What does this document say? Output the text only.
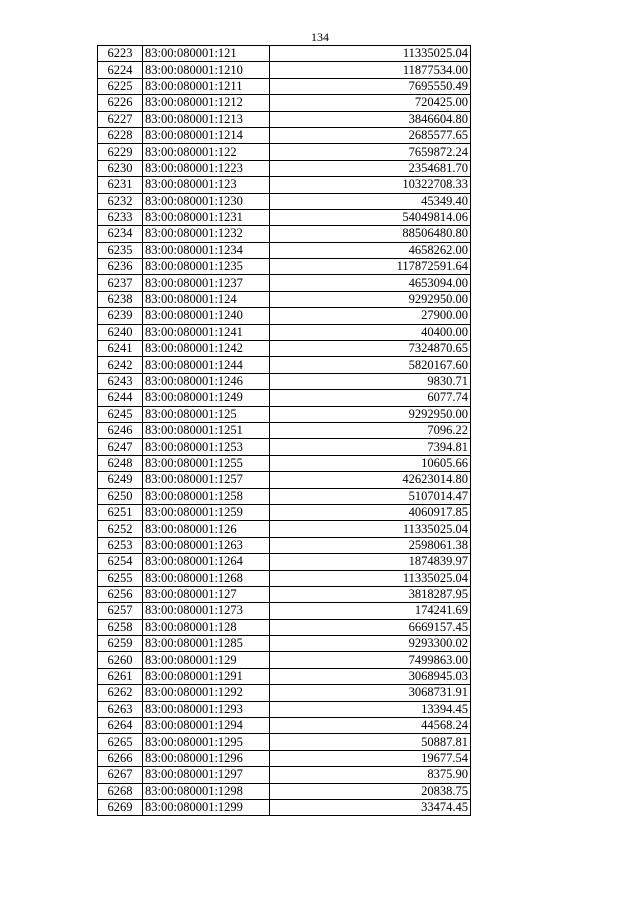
134
6223	83:00:080001:121	11335025.04
6224	83:00:080001:1210	11877534.00
6225	83:00:080001:1211	7695550.49
6226	83:00:080001:1212	720425.00
6227	83:00:080001:1213	3846604.80
6228	83:00:080001:1214	2685577.65
6229	83:00:080001:122	7659872.24
6230	83:00:080001:1223	2354681.70
6231	83:00:080001:123	10322708.33
6232	83:00:080001:1230	45349.40
6233	83:00:080001:1231	54049814.06
6234	83:00:080001:1232	88506480.80
6235	83:00:080001:1234	4658262.00
6236	83:00:080001:1235	117872591.64
6237	83:00:080001:1237	4653094.00
6238	83:00:080001:124	9292950.00
6239	83:00:080001:1240	27900.00
6240	83:00:080001:1241	40400.00
6241	83:00:080001:1242	7324870.65
6242	83:00:080001:1244	5820167.60
6243	83:00:080001:1246	9830.71
6244	83:00:080001:1249	6077.74
6245	83:00:080001:125	9292950.00
6246	83:00:080001:1251	7096.22
6247	83:00:080001:1253	7394.81
6248	83:00:080001:1255	10605.66
6249	83:00:080001:1257	42623014.80
6250	83:00:080001:1258	5107014.47
6251	83:00:080001:1259	4060917.85
6252	83:00:080001:126	11335025.04
6253	83:00:080001:1263	2598061.38
6254	83:00:080001:1264	1874839.97
6255	83:00:080001:1268	11335025.04
6256	83:00:080001:127	3818287.95
6257	83:00:080001:1273	174241.69
6258	83:00:080001:128	6669157.45
6259	83:00:080001:1285	9293300.02
6260	83:00:080001:129	7499863.00
6261	83:00:080001:1291	3068945.03
6262	83:00:080001:1292	3068731.91
6263	83:00:080001:1293	13394.45
6264	83:00:080001:1294	44568.24
6265	83:00:080001:1295	50887.81
6266	83:00:080001:1296	19677.54
6267	83:00:080001:1297	8375.90
6268	83:00:080001:1298	20838.75
6269	83:00:080001:1299	33474.45
